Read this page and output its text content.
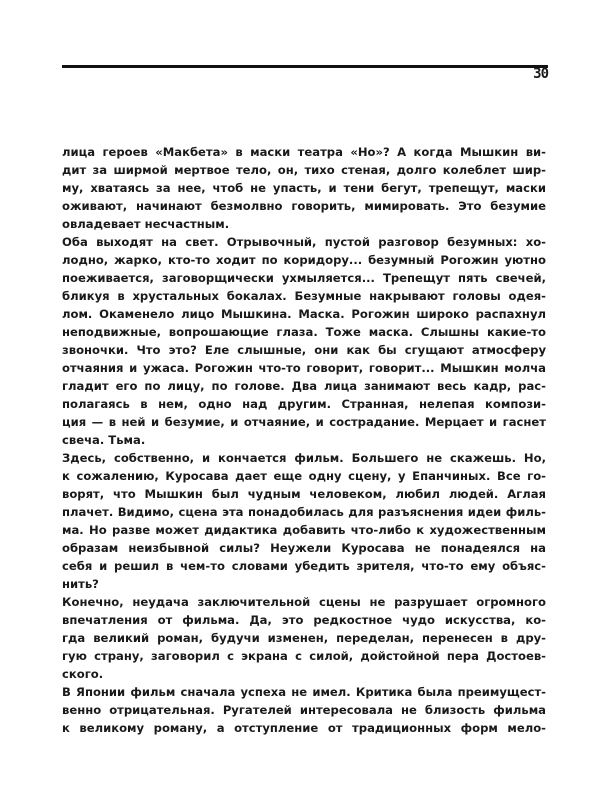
30
лица героев «Макбета» в маски театра «Но»? А когда Мышкин ви-
дит за ширмой мертвое тело, он, тихо стеная, долго колеблет шир-
му, хватаясь за нее, чтоб не упасть, и тени бегут, трепещут, маски
оживают, начинают безмолвно говорить, мимировать. Это безумие
овладевает несчастным.
Оба выходят на свет. Отрывочный, пустой разговор безумных: хо-
лодно, жарко, кто-то ходит по коридору... безумный Рогожин уютно
поеживается, заговорщически ухмыляется... Трепещут пять свечей,
бликуя в хрустальных бокалах. Безумные накрывают головы одея-
лом. Окаменело лицо Мышкина. Маска. Рогожин широко распахнул
неподвижные, вопрошающие глаза. Тоже маска. Слышны какие-то
звоночки. Что это? Еле слышные, они как бы сгущают атмосферу
отчаяния и ужаса. Рогожин что-то говорит, говорит... Мышкин молча
гладит его по лицу, по голове. Два лица занимают весь кадр, рас-
полагаясь в нем, одно над другим. Странная, нелепая компози-
ция — в ней и безумие, и отчаяние, и сострадание. Мерцает и гаснет
свеча. Тьма.
Здесь, собственно, и кончается фильм. Большего не скажешь. Но,
к сожалению, Куросава дает еще одну сцену, у Епанчиных. Все го-
ворят, что Мышкин был чудным человеком, любил людей. Аглая
плачет. Видимо, сцена эта понадобилась для разъяснения идеи филь-
ма. Но разве может дидактика добавить что-либо к художественным
образам неизбывной силы? Неужели Куросава не понадеялся на
себя и решил в чем-то словами убедить зрителя, что-то ему объяс-
нить?
Конечно, неудача заключительной сцены не разрушает огромного
впечатления от фильма. Да, это редкостное чудо искусства, ко-
гда великий роман, будучи изменен, переделан, перенесен в дру-
гую страну, заговорил с экрана с силой, дойстойной пера Достоев-
ского.
В Японии фильм сначала успеха не имел. Критика была преимущест-
венно отрицательная. Ругателей интересовала не близость фильма
к великому роману, а отступление от традиционных форм мело-
